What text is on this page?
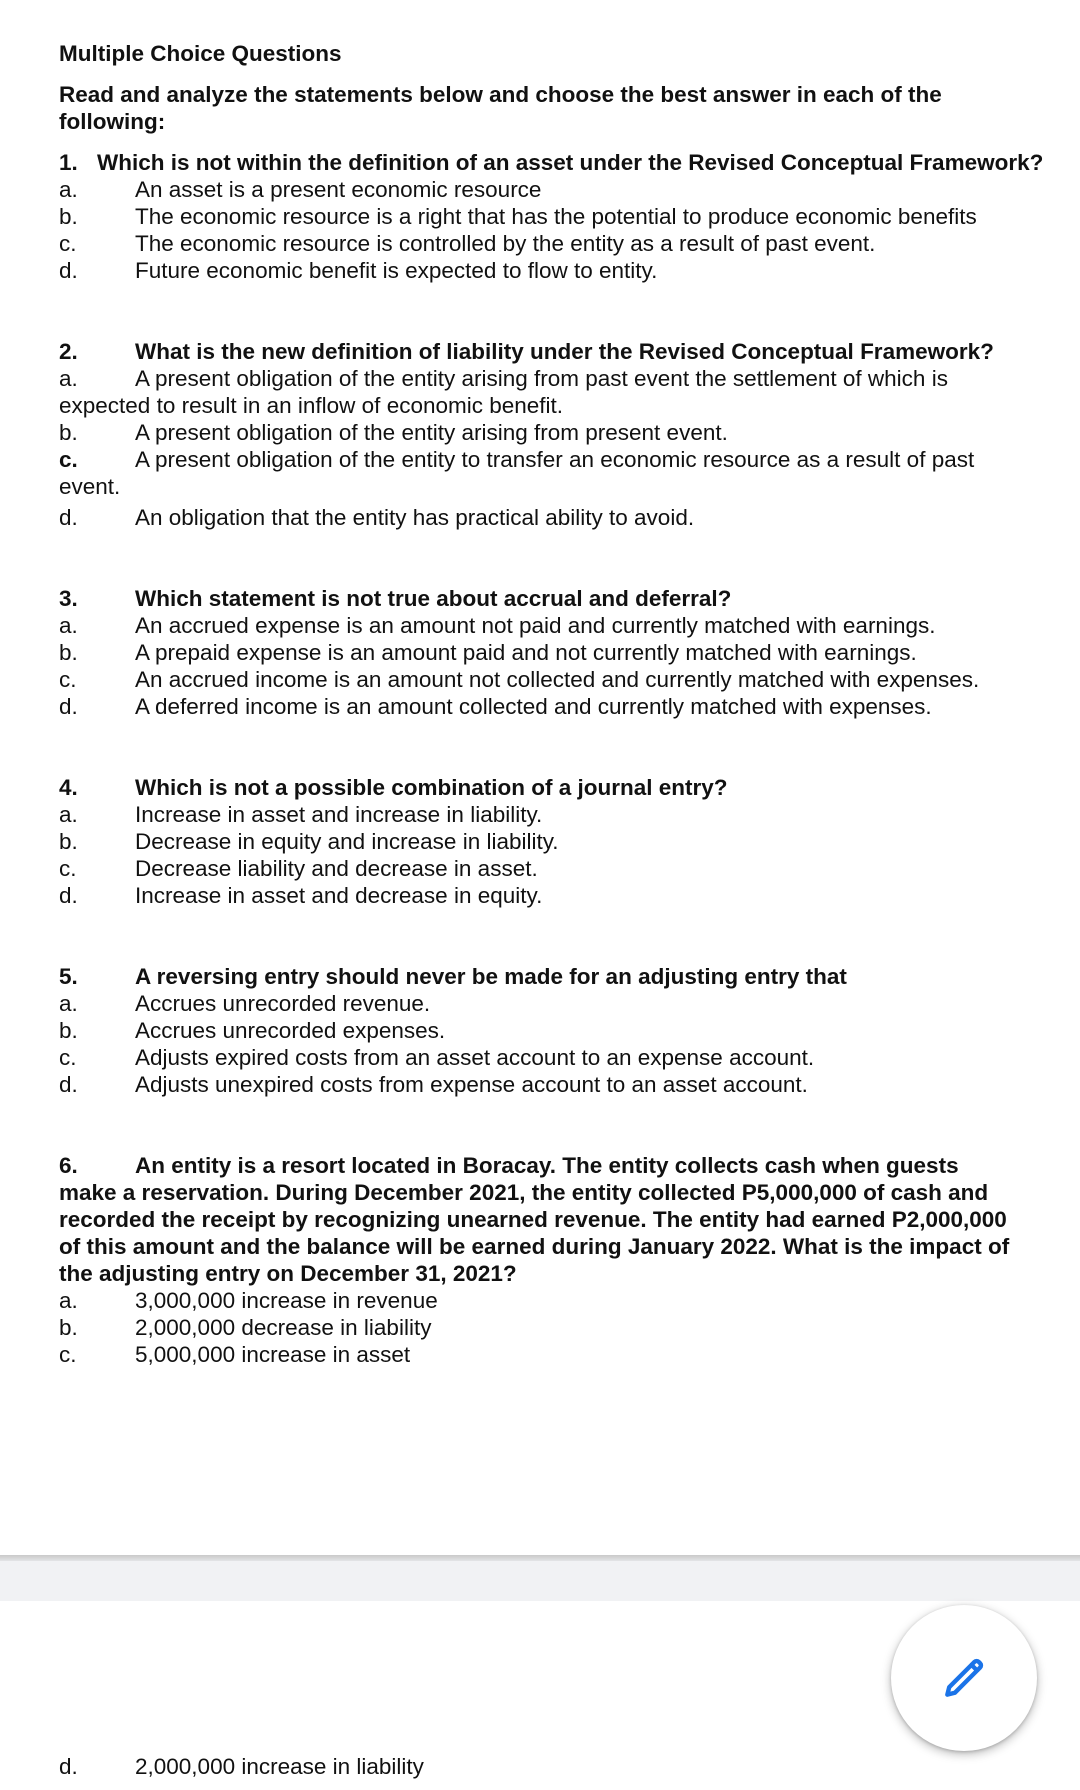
Multiple Choice Questions
Read and analyze the statements below and choose the best answer in each of the following:
1. Which is not within the definition of an asset under the Revised Conceptual Framework?
a.	An asset is a present economic resource
b.	The economic resource is a right that has the potential to produce economic benefits
c.	The economic resource is controlled by the entity as a result of past event.
d.	Future economic benefit is expected to flow to entity.
2.	What is the new definition of liability under the Revised Conceptual Framework?
a.	A present obligation of the entity arising from past event the settlement of which is
expected to result in an inflow of economic benefit.
b.	A present obligation of the entity arising from present event.
c.	A present obligation of the entity to transfer an economic resource as a result of past
event.
d.	An obligation that the entity has practical ability to avoid.
3.	Which statement is not true about accrual and deferral?
a.	An accrued expense is an amount not paid and currently matched with earnings.
b.	A prepaid expense is an amount paid and not currently matched with earnings.
c.	An accrued income is an amount not collected and currently matched with expenses.
d.	A deferred income is an amount collected and currently matched with expenses.
4.	Which is not a possible combination of a journal entry?
a.	Increase in asset and increase in liability.
b.	Decrease in equity and increase in liability.
c.	Decrease liability and decrease in asset.
d.	Increase in asset and decrease in equity.
5.	A reversing entry should never be made for an adjusting entry that
a.	Accrues unrecorded revenue.
b.	Accrues unrecorded expenses.
c.	Adjusts expired costs from an asset account to an expense account.
d.	Adjusts unexpired costs from expense account to an asset account.
6.	An entity is a resort located in Boracay. The entity collects cash when guests
make a reservation. During December 2021, the entity collected P5,000,000 of cash and
recorded the receipt by recognizing unearned revenue. The entity had earned P2,000,000
of this amount and the balance will be earned during January 2022. What is the impact of
the adjusting entry on December 31, 2021?
a.	3,000,000 increase in revenue
b.	2,000,000 decrease in liability
c.	5,000,000 increase in asset
d.	2,000,000 increase in liability
